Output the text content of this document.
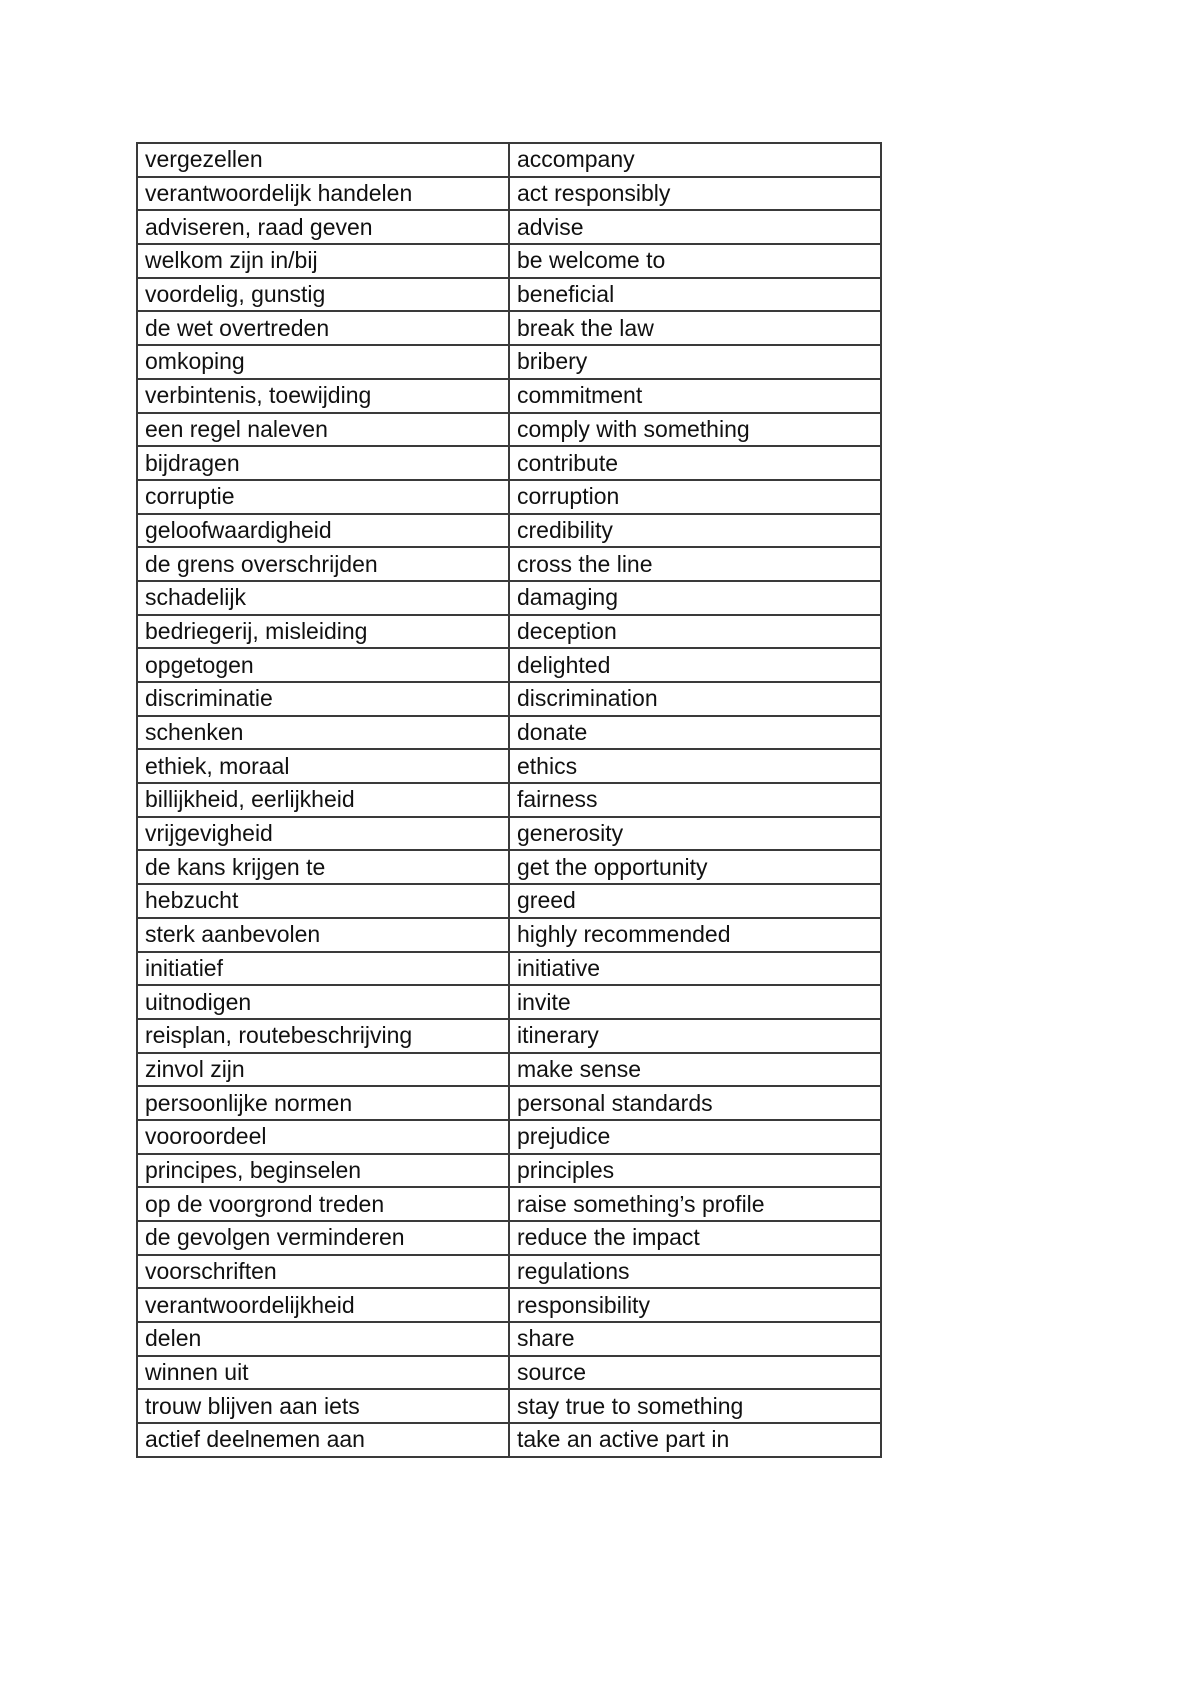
vergezellen	accompany
verantwoordelijk handelen	act responsibly
adviseren, raad geven	advise
welkom zijn in/bij	be welcome to
voordelig, gunstig	beneficial
de wet overtreden	break the law
omkoping	bribery
verbintenis, toewijding	commitment
een regel naleven	comply with something
bijdragen	contribute
corruptie	corruption
geloofwaardigheid	credibility
de grens overschrijden	cross the line
schadelijk	damaging
bedriegerij, misleiding	deception
opgetogen	delighted
discriminatie	discrimination
schenken	donate
ethiek, moraal	ethics
billijkheid, eerlijkheid	fairness
vrijgevigheid	generosity
de kans krijgen te	get the opportunity
hebzucht	greed
sterk aanbevolen	highly recommended
initiatief	initiative
uitnodigen	invite
reisplan, routebeschrijving	itinerary
zinvol zijn	make sense
persoonlijke normen	personal standards
vooroordeel	prejudice
principes, beginselen	principles
op de voorgrond treden	raise something’s profile
de gevolgen verminderen	reduce the impact
voorschriften	regulations
verantwoordelijkheid	responsibility
delen	share
winnen uit	source
trouw blijven aan iets	stay true to something
actief deelnemen aan	take an active part in
